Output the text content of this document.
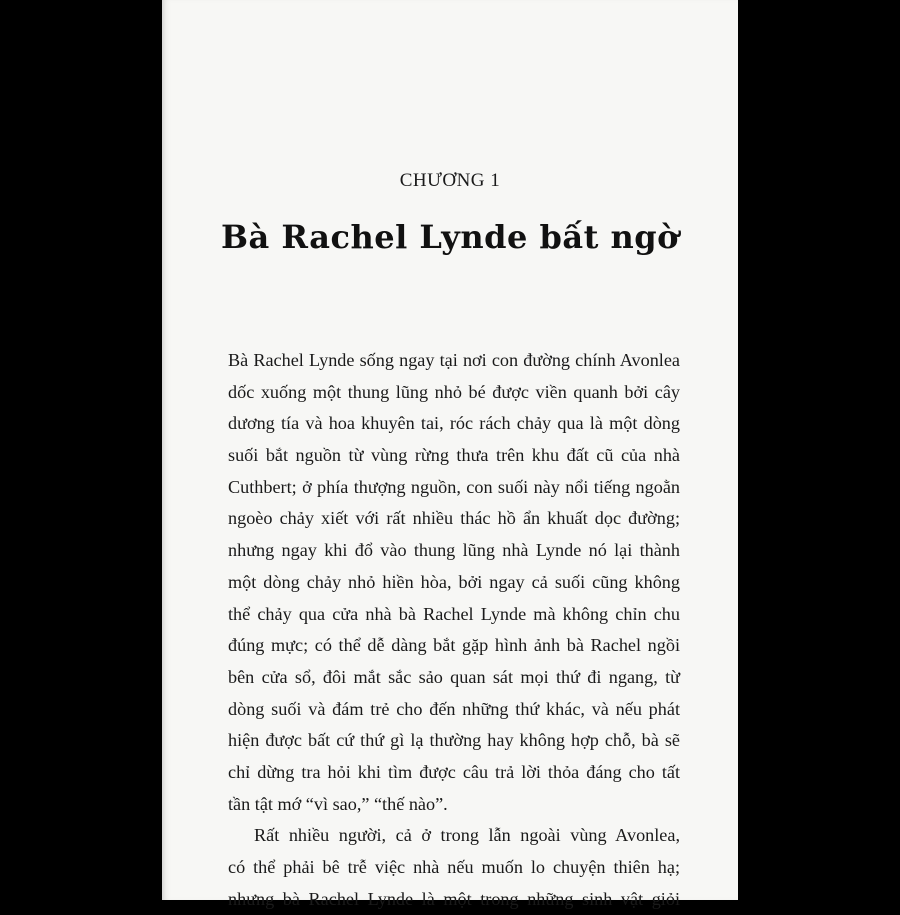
CHƯƠNG 1
Bà Rachel Lynde bất ngờ
Bà Rachel Lynde sống ngay tại nơi con đường chính Avonlea
dốc xuống một thung lũng nhỏ bé được viền quanh bởi cây
dương tía và hoa khuyên tai, róc rách chảy qua là một dòng
suối bắt nguồn từ vùng rừng thưa trên khu đất cũ của nhà
Cuthbert; ở phía thượng nguồn, con suối này nổi tiếng ngoằn
ngoèo chảy xiết với rất nhiều thác hồ ẩn khuất dọc đường;
nhưng ngay khi đổ vào thung lũng nhà Lynde nó lại thành
một dòng chảy nhỏ hiền hòa, bởi ngay cả suối cũng không
thể chảy qua cửa nhà bà Rachel Lynde mà không chỉn chu
đúng mực; có thể dễ dàng bắt gặp hình ảnh bà Rachel ngồi
bên cửa sổ, đôi mắt sắc sảo quan sát mọi thứ đi ngang, từ
dòng suối và đám trẻ cho đến những thứ khác, và nếu phát
hiện được bất cứ thứ gì lạ thường hay không hợp chỗ, bà sẽ
chỉ dừng tra hỏi khi tìm được câu trả lời thỏa đáng cho tất
tần tật mớ “vì sao,” “thế nào”.
Rất nhiều người, cả ở trong lẫn ngoài vùng Avonlea,
có thể phải bê trễ việc nhà nếu muốn lo chuyện thiên hạ;
nhưng bà Rachel Lynde là một trong những sinh vật giỏi
